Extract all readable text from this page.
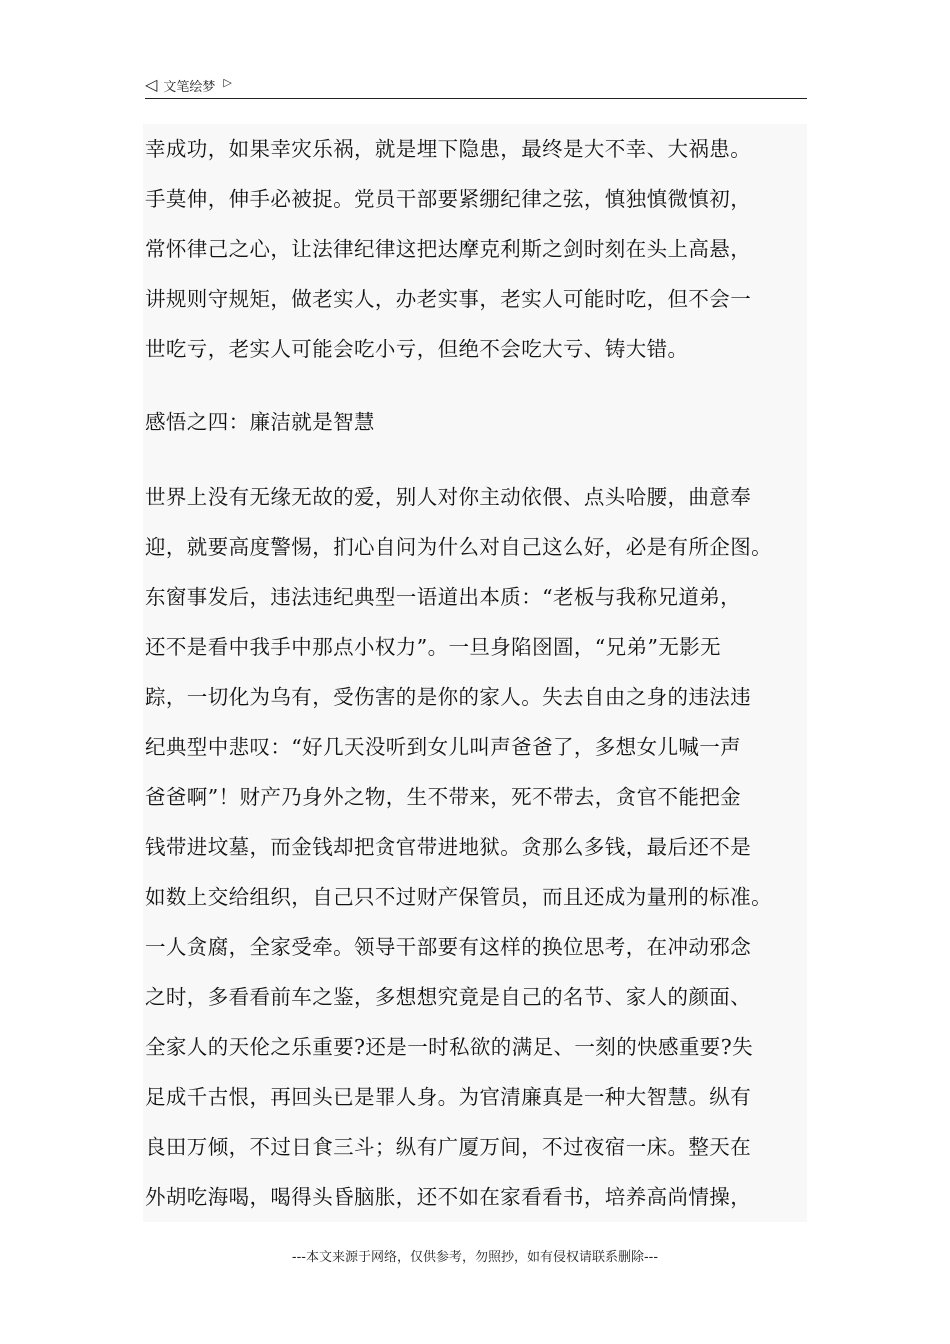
◁ 文笔绘梦 ▷

幸成功，如果幸灾乐祸，就是埋下隐患，最终是大不幸、大祸患。

手莫伸，伸手必被捉。党员干部要紧绷纪律之弦，慎独慎微慎初，

常怀律己之心，让法律纪律这把达摩克利斯之剑时刻在头上高悬，

讲规则守规矩，做老实人，办老实事，老实人可能时吃，但不会一

世吃亏，老实人可能会吃小亏，但绝不会吃大亏、铸大错。

感悟之四：廉洁就是智慧

世界上没有无缘无故的爱，别人对你主动依偎、点头哈腰，曲意奉

迎，就要高度警惕，扪心自问为什么对自己这么好，必是有所企图。

东窗事发后，违法违纪典型一语道出本质：“老板与我称兄道弟，

还不是看中我手中那点小权力”。一旦身陷囹圄，“兄弟”无影无

踪，一切化为乌有，受伤害的是你的家人。失去自由之身的违法违

纪典型中悲叹：“好几天没听到女儿叫声爸爸了，多想女儿喊一声

爸爸啊”！财产乃身外之物，生不带来，死不带去，贪官不能把金

钱带进坟墓，而金钱却把贪官带进地狱。贪那么多钱，最后还不是

如数上交给组织，自己只不过财产保管员，而且还成为量刑的标准。

一人贪腐，全家受牵。领导干部要有这样的换位思考，在冲动邪念

之时，多看看前车之鉴，多想想究竟是自己的名节、家人的颜面、

全家人的天伦之乐重要?还是一时私欲的满足、一刻的快感重要?失

足成千古恨，再回头已是罪人身。为官清廉真是一种大智慧。纵有

良田万倾，不过日食三斗；纵有广厦万间，不过夜宿一床。整天在

外胡吃海喝，喝得头昏脑胀，还不如在家看看书，培养高尚情操，

---本文来源于网络，仅供参考，勿照抄，如有侵权请联系删除---
